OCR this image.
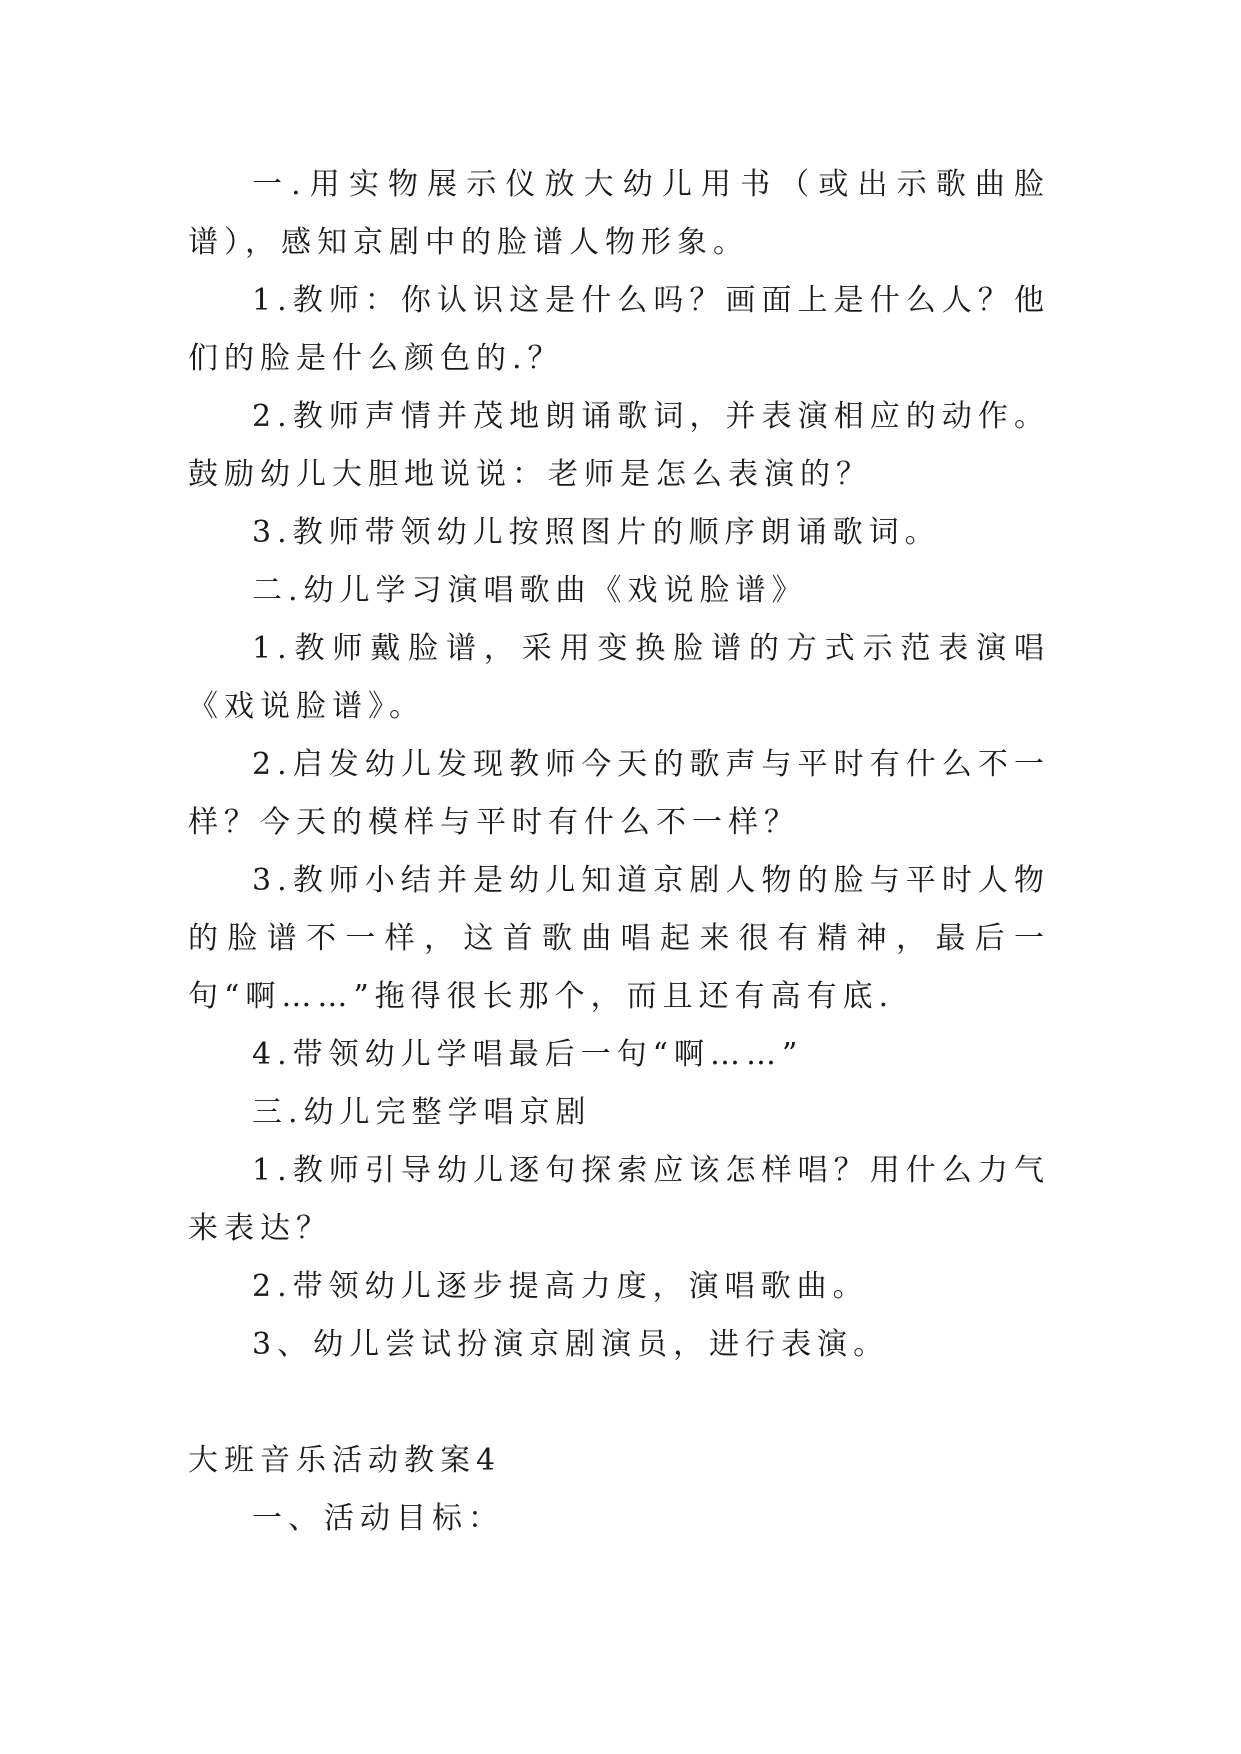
一.用实物展示仪放大幼儿用书（或出示歌曲脸谱），感知京剧中的脸谱人物形象。

1.教师：你认识这是什么吗？画面上是什么人？他们的脸是什么颜色的.？

2.教师声情并茂地朗诵歌词，并表演相应的动作。鼓励幼儿大胆地说说：老师是怎么表演的？

3.教师带领幼儿按照图片的顺序朗诵歌词。

二.幼儿学习演唱歌曲《戏说脸谱》

1.教师戴脸谱，采用变换脸谱的方式示范表演唱《戏说脸谱》。

2.启发幼儿发现教师今天的歌声与平时有什么不一样？今天的模样与平时有什么不一样？

3.教师小结并是幼儿知道京剧人物的脸与平时人物的脸谱不一样，这首歌曲唱起来很有精神，最后一句“啊……”拖得很长那个，而且还有高有底.

4.带领幼儿学唱最后一句“啊……”

三.幼儿完整学唱京剧

1.教师引导幼儿逐句探索应该怎样唱？用什么力气来表达？

2.带领幼儿逐步提高力度，演唱歌曲。

3、幼儿尝试扮演京剧演员，进行表演。

大班音乐活动教案4

一、活动目标：
